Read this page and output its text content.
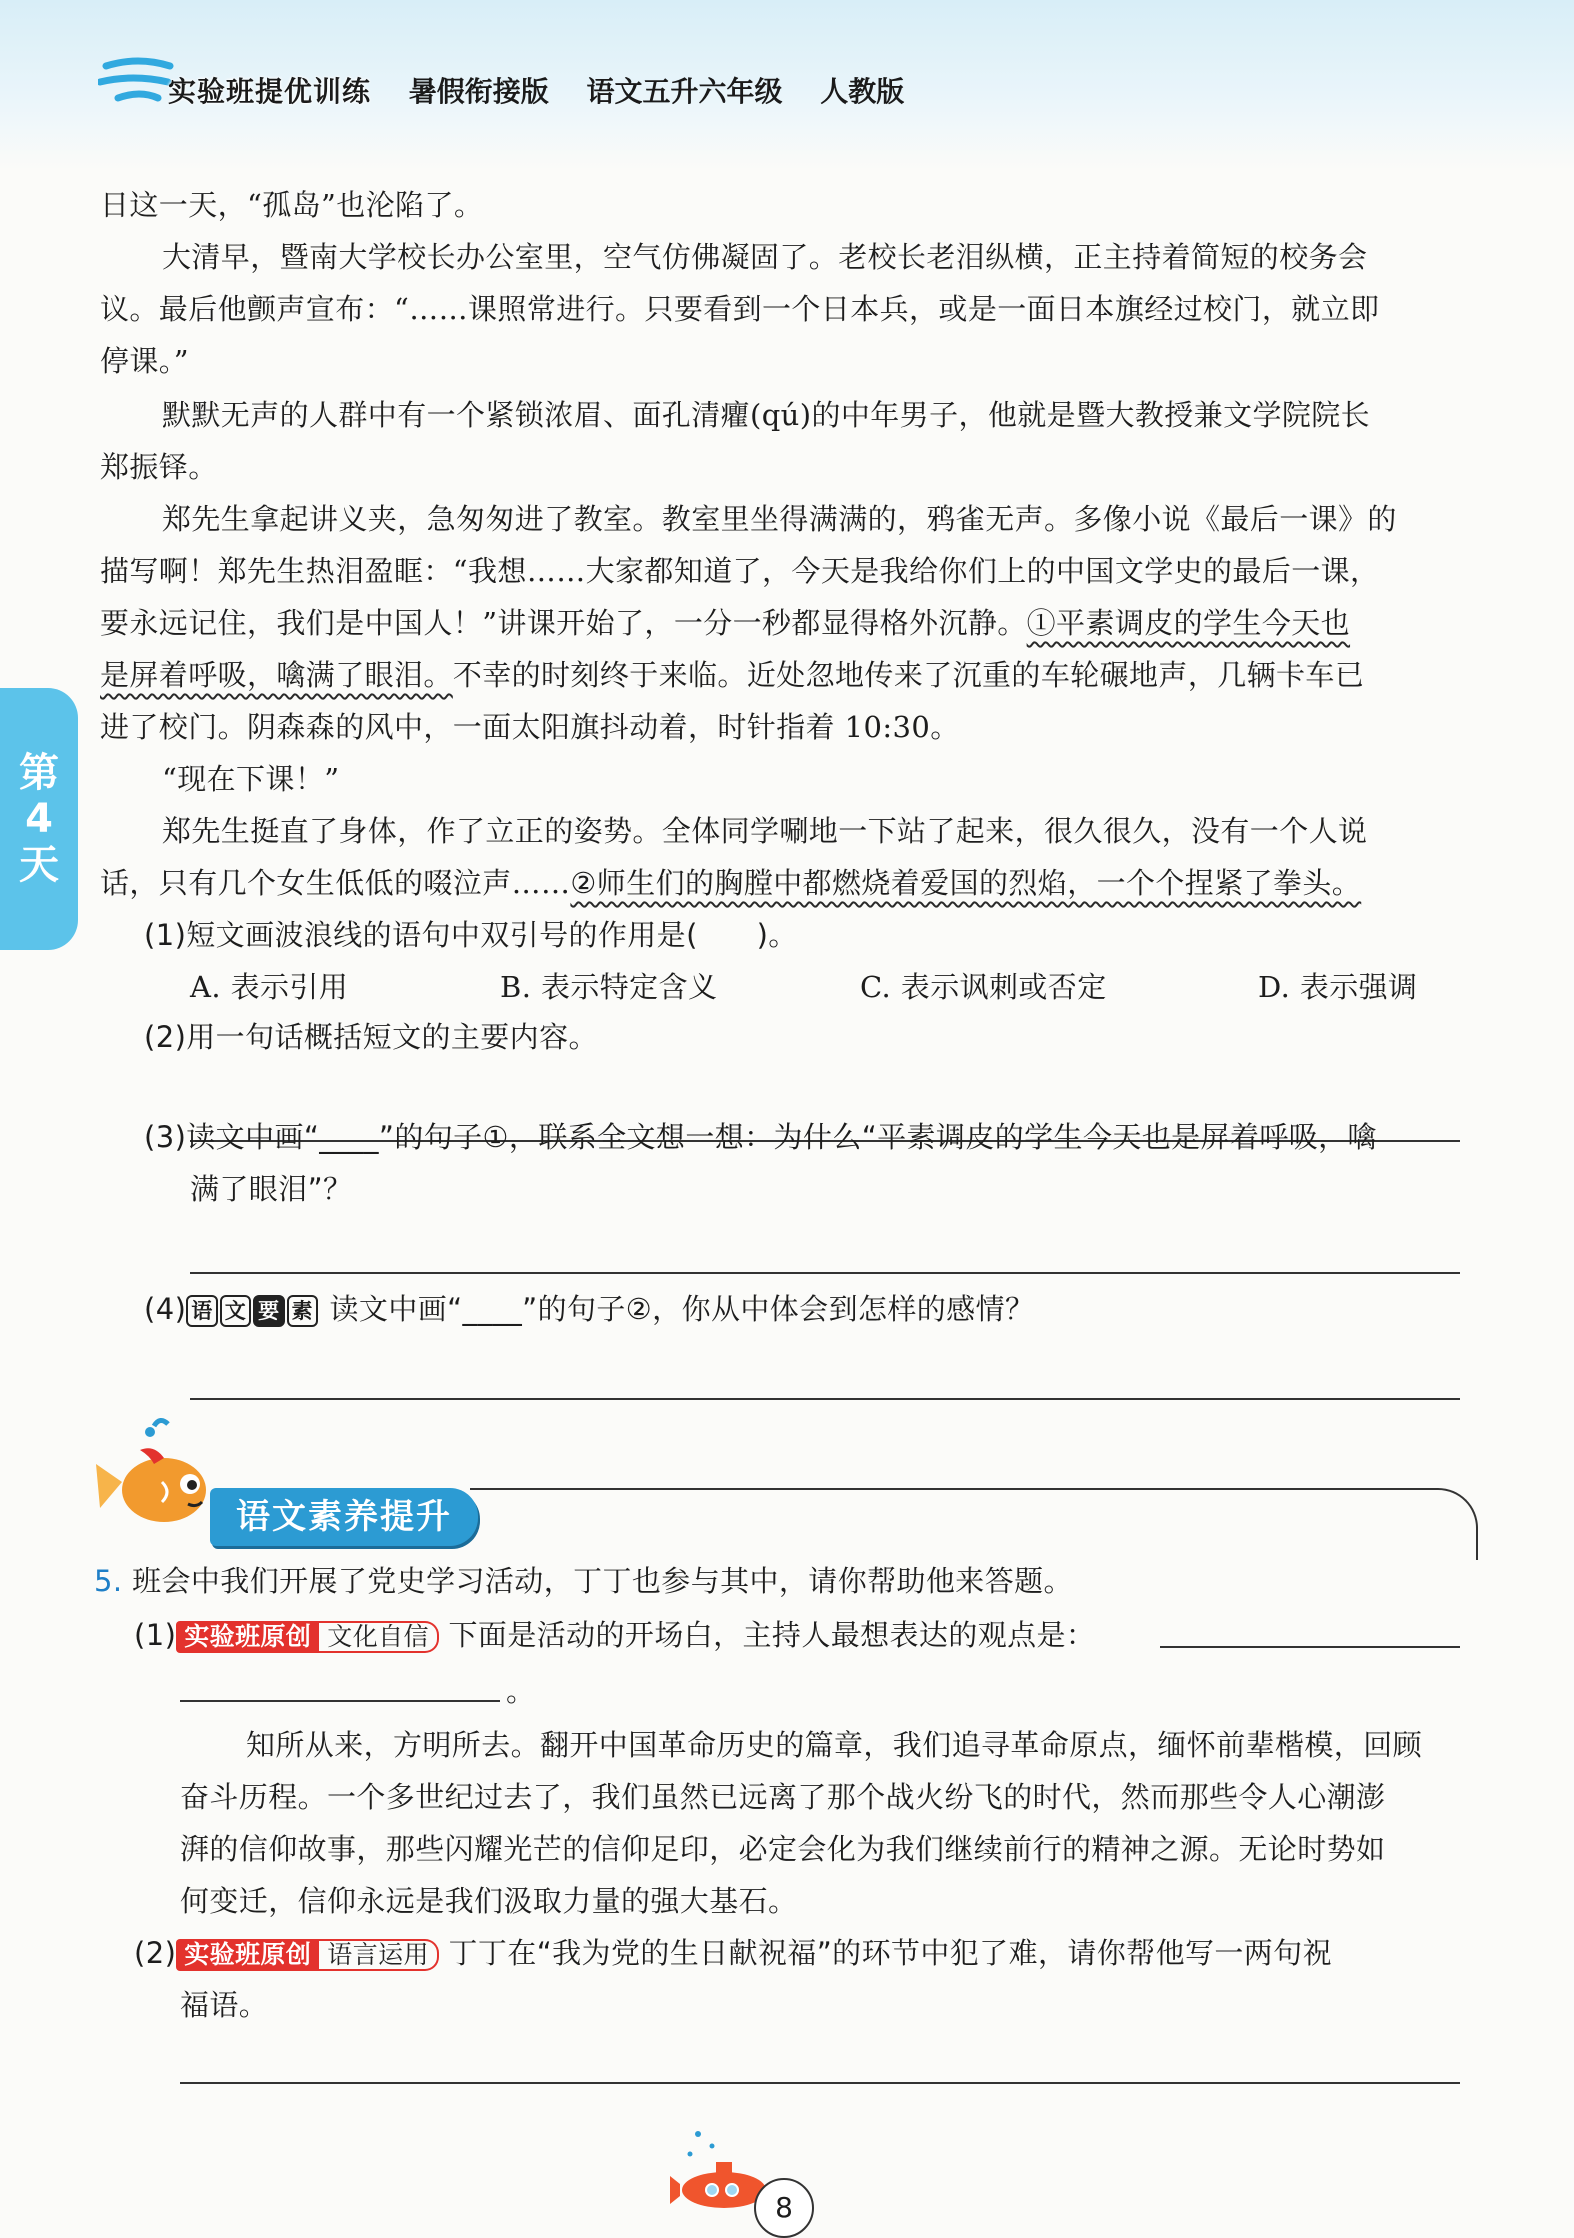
实验班提优训练 暑假衔接版 语文五升六年级 人教版
第
4
天
日这一天，“孤岛”也沦陷了。
大清早，暨南大学校长办公室里，空气仿佛凝固了。老校长老泪纵横，正主持着简短的校务会
议。最后他颤声宣布：“……课照常进行。只要看到一个日本兵，或是一面日本旗经过校门，就立即
停课。”
默默无声的人群中有一个紧锁浓眉、面孔清癯(qú)的中年男子，他就是暨大教授兼文学院院长
郑振铎。
郑先生拿起讲义夹，急匆匆进了教室。教室里坐得满满的，鸦雀无声。多像小说《最后一课》的
描写啊！郑先生热泪盈眶：“我想……大家都知道了，今天是我给你们上的中国文学史的最后一课，
要永远记住，我们是中国人！”讲课开始了，一分一秒都显得格外沉静。①平素调皮的学生今天也
是屏着呼吸，噙满了眼泪。不幸的时刻终于来临。近处忽地传来了沉重的车轮碾地声，几辆卡车已
进了校门。阴森森的风中，一面太阳旗抖动着，时针指着 10:30。
“现在下课！”
郑先生挺直了身体，作了立正的姿势。全体同学唰地一下站了起来，很久很久，没有一个人说
话，只有几个女生低低的啜泣声……②师生们的胸膛中都燃烧着爱国的烈焰，一个个捏紧了拳头。
(1)短文画波浪线的语句中双引号的作用是(　　)。
A. 表示引用	B. 表示特定含义	C. 表示讽刺或否定	D. 表示强调
(2)用一句话概括短文的主要内容。
(3)读文中画“____”的句子①，联系全文想一想：为什么“平素调皮的学生今天也是屏着呼吸，噙
满了眼泪”？
(4) 语 文 要 素 读文中画“____”的句子②，你从中体会到怎样的感情？
语文素养提升
5. 班会中我们开展了党史学习活动，丁丁也参与其中，请你帮助他来答题。
(1) 实验班原创 文化自信 下面是活动的开场白，主持人最想表达的观点是：
。
知所从来，方明所去。翻开中国革命历史的篇章，我们追寻革命原点，缅怀前辈楷模，回顾
奋斗历程。一个多世纪过去了，我们虽然已远离了那个战火纷飞的时代，然而那些令人心潮澎
湃的信仰故事，那些闪耀光芒的信仰足印，必定会化为我们继续前行的精神之源。无论时势如
何变迁，信仰永远是我们汲取力量的强大基石。
(2) 实验班原创 语言运用 丁丁在“我为党的生日献祝福”的环节中犯了难，请你帮他写一两句祝
福语。
8
